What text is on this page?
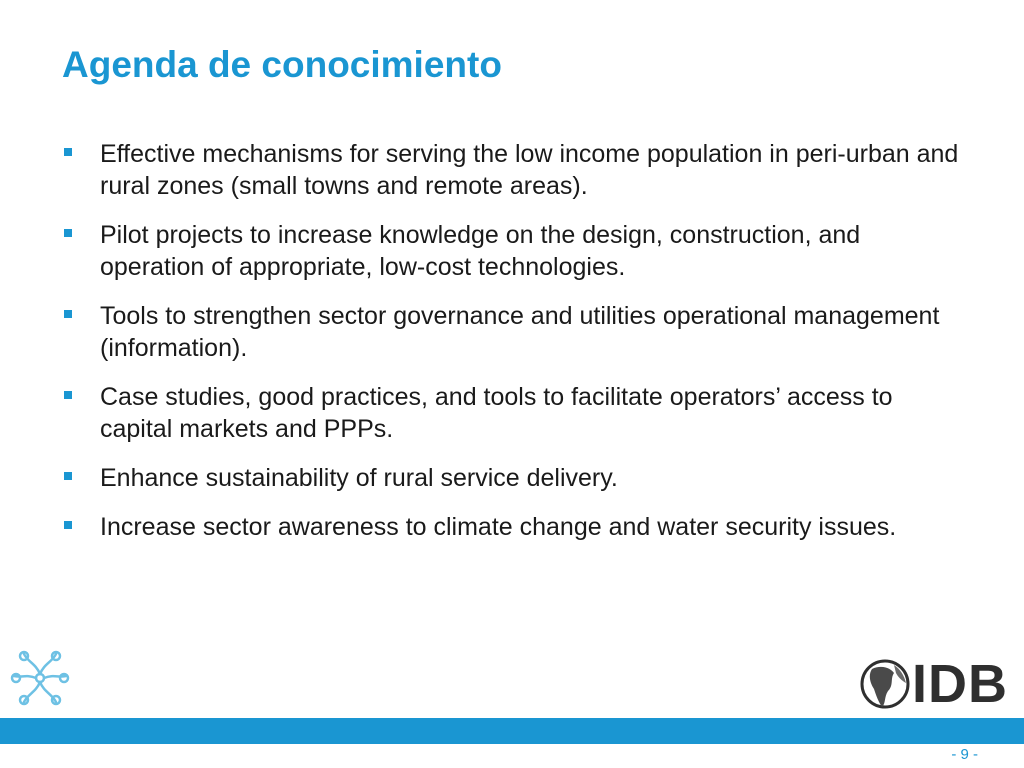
Agenda de conocimiento
Effective mechanisms for serving the low income population in peri-urban and rural zones (small towns and remote areas).
Pilot projects to increase knowledge on the design, construction, and operation of appropriate, low-cost technologies.
Tools to strengthen sector governance and utilities operational management (information).
Case studies, good practices, and tools to facilitate operators’ access to capital markets and PPPs.
Enhance sustainability of rural service delivery.
Increase sector awareness to climate change and water security issues.
IDB
- 9 -
